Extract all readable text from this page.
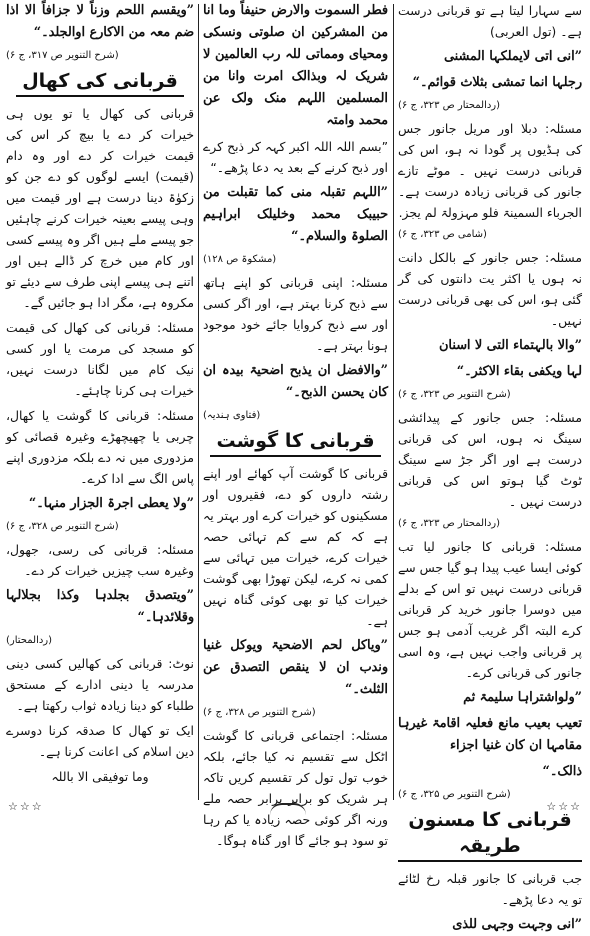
سے سہارا لیتا ہے تو قربانی درست ہے۔ (تول العربی)
”انی اتی لایملکہا المشنی
رجلہا انما تمشی بثلاث قوائم۔“
(ردالمحتار ص ۳۲۳، ج ۶)
مسئلہ: دبلا اور مریل جانور جس کی ہڈیوں پر گودا نہ ہو، اس کی قربانی درست نہیں ۔ موٹے تازے جانور کی قربانی زیادہ درست ہے۔ الجرباء السمینۃ فلو مہزولۃ لم یجز.
(شامی ص ۳۲۳، ج ۶)
مسئلہ: جس جانور کے بالکل دانت نہ ہوں یا اکثر یت دانتوں کی گر گئی ہو، اس کی بھی قربانی درست نہیں۔
”والا بالہتماء التی لا اسنان
لہا ویکفی بقاء الاکثر۔“
(شرح التنویر ص ۳۲۳، ج ۶)
مسئلہ: جس جانور کے پیدائشی سینگ نہ ہوں، اس کی قربانی درست ہے اور اگر جڑ سے سینگ ٹوٹ گیا ہوتو اس کی قربانی درست نہیں ۔
(ردالمحتار ص ۳۲۳، ج ۶)
مسئلہ: قربانی کا جانور لیا تب کوئی ایسا عیب پیدا ہو گیا جس سے قربانی درست نہیں تو اس کے بدلے میں دوسرا جانور خرید کر قربانی کرے البتہ اگر غریب آدمی ہو جس پر قربانی واجب نہیں ہے، وہ اسی جانور کی قربانی کرے۔
”ولواشتراہا سلیمۃ ثم
تعیب بعیب مانع فعلیہ اقامۃ غیرہا مقامہا ان کان غنیا اجزاء
ذالک۔“
(شرح التنویر ص ۳۲۵، ج ۶)
قربانی کا مسنون طریقہ
جب قربانی کا جانور قبلہ رخ لٹائے تو یہ دعا پڑھے۔
”انی وجہت وجہی للذی
فطر السموت والارض حنیفاً وما انا من المشرکین ان صلوتی ونسکی ومحیای ومماتی للہ رب العالمین لا شریک لہ وبذالک امرت وانا من المسلمین اللہم منک ولک عن محمد وامتہ
”بسم اللہ اللہ اکبر کہہ کر ذبح کرے اور ذبح کرنے کے بعد یہ دعا پڑھے۔“
”اللہم تقبلہ منی کما تقبلت من حبیبک محمد وخلیلک ابراہیم الصلوۃ والسلام۔“
(مشکوۃ ص ۱۲۸)
مسئلہ: اپنی قربانی کو اپنے ہاتھ سے ذبح کرنا بہتر ہے، اور اگر کسی اور سے ذبح کروایا جائے خود موجود ہونا بہتر ہے۔
”والافضل ان یذبح اضحیۃ بیدہ ان کان یحسن الذبح۔“
(فتاوی ہندیہ)
قربانی کا گوشت
قربانی کا گوشت آپ کھائے اور اپنے رشتہ داروں کو دے، فقیروں اور مسکینوں کو خیرات کرے اور بہتر یہ ہے کہ کم سے کم تہائی حصہ خیرات کرے، خیرات میں تہائی سے کمی نہ کرے، لیکن تھوڑا بھی گوشت خیرات کیا تو بھی کوئی گناہ نہیں ہے۔
”ویاکل لحم الاضحیۃ ویوکل غنیا وندب ان لا ینقص التصدق عن الثلث۔“
(شرح التنویر ص ۳۲۸، ج ۶)
مسئلہ: اجتماعی قربانی کا گوشت اٹکل سے تقسیم نہ کیا جائے، بلکہ خوب تول تول کر تقسیم کریں تاکہ ہر شریک کو برابر برابر حصہ ملے ورنہ اگر کوئی حصہ زیادہ یا کم رہا تو سود ہو جائے گا اور گناہ ہوگا۔
”ویقسم اللحم وزناً لا جزافاً الا اذا ضم معہ من الاکارع اوالجلد۔“
(شرح التنویر ص ۳۱۷، ج ۶)
قربانی کی کھال
قربانی کی کھال یا تو یوں ہی خیرات کر دے یا بیچ کر اس کی قیمت خیرات کر دے اور وہ دام (قیمت) ایسے لوگوں کو دے جن کو زکوٰۃ دینا درست ہے اور قیمت میں وہی پیسے بعینہ خیرات کرنے چاہئیں جو پیسے ملے ہیں اگر وہ پیسے کسی اور کام میں خرچ کر ڈالے ہیں اور اتنے ہی پیسے اپنی طرف سے دیئے تو مکروہ ہے، مگر ادا ہو جائیں گے۔
مسئلہ: قربانی کی کھال کی قیمت کو مسجد کی مرمت یا اور کسی نیک کام میں لگانا درست نہیں، خیرات ہی کرنا چاہئے۔
مسئلہ: قربانی کا گوشت یا کھال، چربی یا چھیچھڑے وغیرہ قصائی کو مزدوری میں نہ دے بلکہ مزدوری اپنے پاس الگ سے ادا کرے۔
”ولا یعطی اجرۃ الجزار منہا۔“
(شرح التنویر ص ۳۲۸، ج ۶)
مسئلہ: قربانی کی رسی، جھول، وغیرہ سب چیزیں خیرات کر دے۔
”ویتصدق بجلدہا وکذا بجلالہا وقلائدہا۔“
(ردالمحتار)
نوٹ: قربانی کی کھالیں کسی دینی مدرسہ یا دینی ادارے کے مستحق طلباء کو دینا زیادہ ثواب رکھتا ہے۔
ایک تو کھال کا صدقہ کرنا دوسرے دین اسلام کی اعانت کرنا ہے۔
وما توفیقی الا باللہ
☆☆☆	☆☆☆
